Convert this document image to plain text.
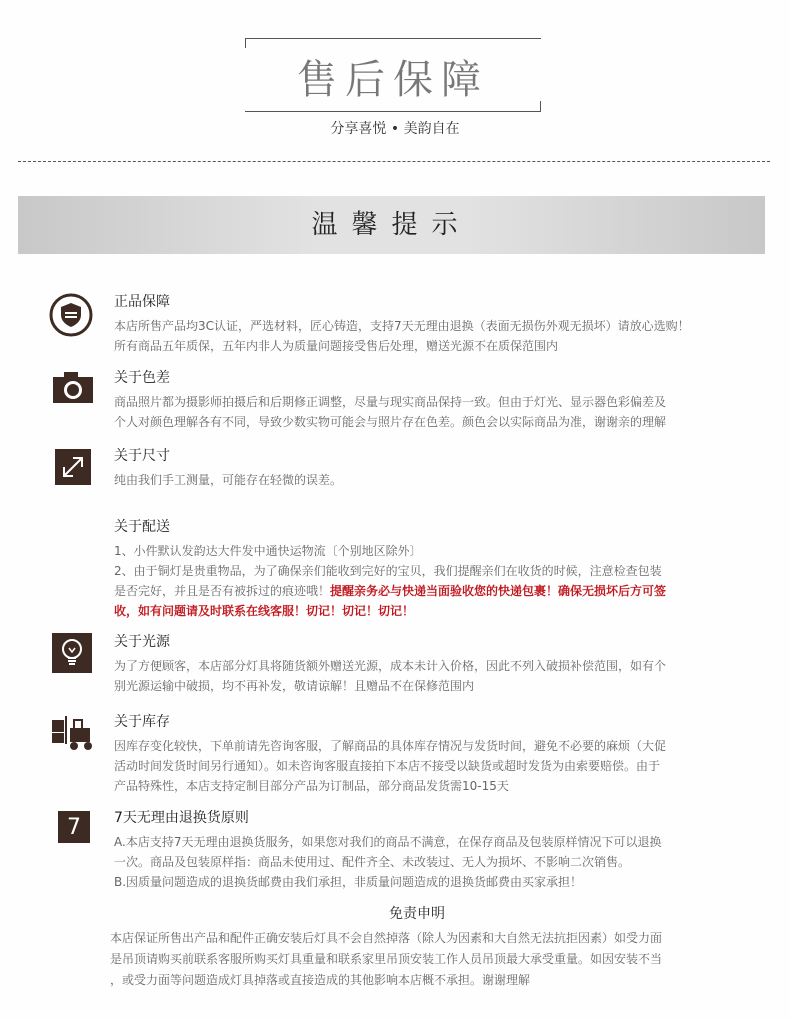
售后保障
分享喜悦 • 美韵自在
温馨提示
正品保障
本店所售产品均3C认证，严选材料，匠心铸造，支持7天无理由退换（表面无损伤外观无损坏）请放心选购！
所有商品五年质保，五年内非人为质量问题接受售后处理，赠送光源不在质保范围内
关于色差
商品照片都为摄影师拍摄后和后期修正调整，尽量与现实商品保持一致。但由于灯光、显示器色彩偏差及
个人对颜色理解各有不同，导致少数实物可能会与照片存在色差。颜色会以实际商品为准，谢谢亲的理解
关于尺寸
纯由我们手工测量，可能存在轻微的误差。
关于配送
1、小件默认发韵达大件发中通快运物流〔个别地区除外〕
2、由于铜灯是贵重物品，为了确保亲们能收到完好的宝贝，我们提醒亲们在收货的时候，注意检查包装
是否完好，并且是否有被拆过的痕迹哦！提醒亲务必与快递当面验收您的快递包裹！确保无损坏后方可签
收，如有问题请及时联系在线客服！切记！切记！切记！
关于光源
为了方便顾客，本店部分灯具将随货额外赠送光源，成本未计入价格，因此不列入破损补偿范围，如有个
别光源运输中破损，均不再补发，敬请谅解！且赠品不在保修范围内
关于库存
因库存变化较快，下单前请先咨询客服，了解商品的具体库存情况与发货时间，避免不必要的麻烦（大促
活动时间发货时间另行通知）。如未咨询客服直接拍下本店不接受以缺货或超时发货为由索要赔偿。由于
产品特殊性，本店支持定制目部分产品为订制品，部分商品发货需10-15天
7 7天无理由退换货原则
A.本店支持7天无理由退换货服务，如果您对我们的商品不满意，在保存商品及包装原样情况下可以退换
一次。商品及包装原样指：商品未使用过、配件齐全、未改装过、无人为损坏、不影响二次销售。
B.因质量问题造成的退换货邮费由我们承担，非质量问题造成的退换货邮费由买家承担！
免责申明
本店保证所售出产品和配件正确安装后灯具不会自然掉落（除人为因素和大自然无法抗拒因素）如受力面
是吊顶请购买前联系客服所购买灯具重量和联系家里吊顶安装工作人员吊顶最大承受重量。如因安装不当
，或受力面等问题造成灯具掉落或直接造成的其他影响本店概不承担。谢谢理解
